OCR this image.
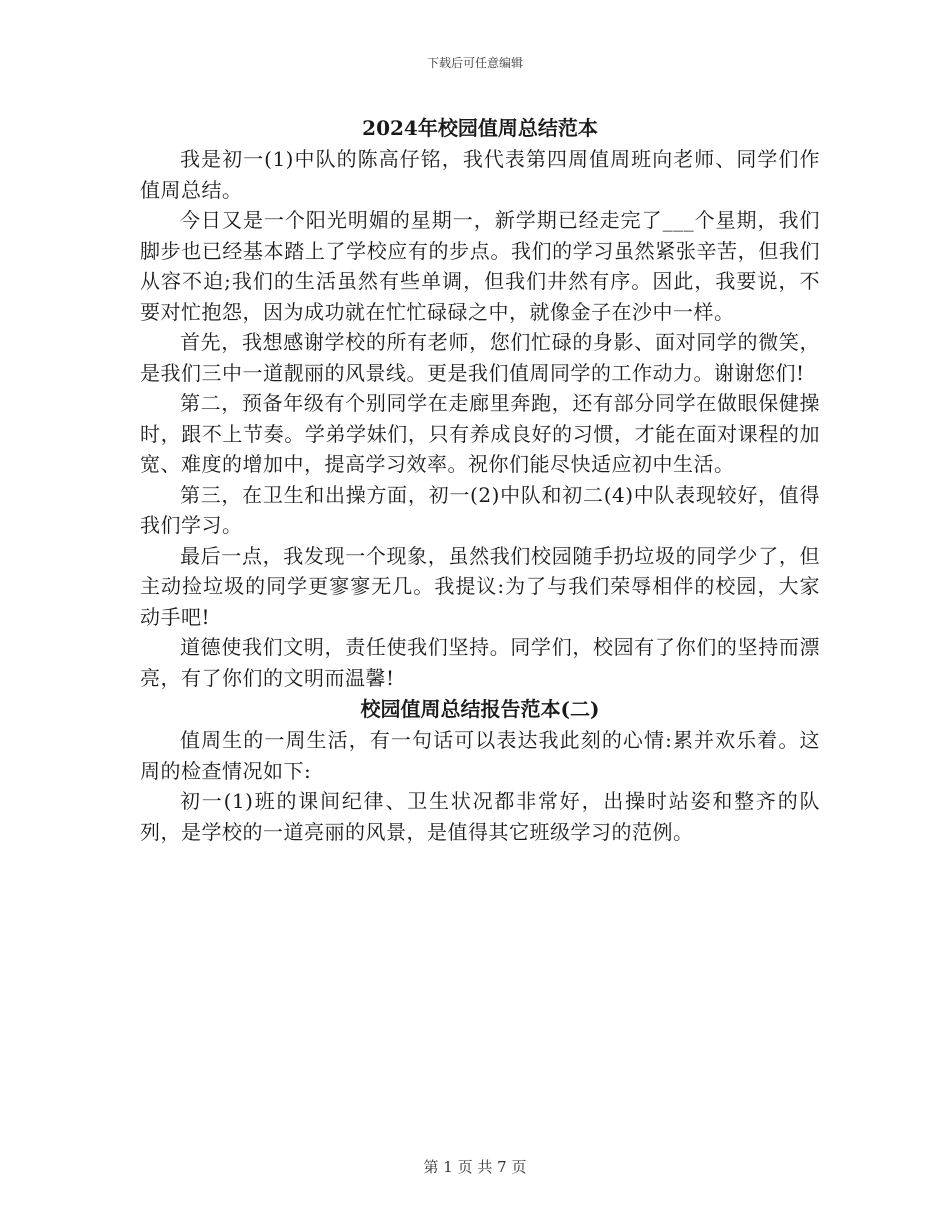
下载后可任意编辑
2024年校园值周总结范本

我是初一(1)中队的陈高仔铭，我代表第四周值周班向老师、同学们作值周总结。

今日又是一个阳光明媚的星期一，新学期已经走完了___个星期，我们脚步也已经基本踏上了学校应有的步点。我们的学习虽然紧张辛苦，但我们从容不迫;我们的生活虽然有些单调，但我们井然有序。因此，我要说，不要对忙抱怨，因为成功就在忙忙碌碌之中，就像金子在沙中一样。

首先，我想感谢学校的所有老师，您们忙碌的身影、面对同学的微笑，是我们三中一道靓丽的风景线。更是我们值周同学的工作动力。谢谢您们!

第二，预备年级有个别同学在走廊里奔跑，还有部分同学在做眼保健操时，跟不上节奏。学弟学妹们，只有养成良好的习惯，才能在面对课程的加宽、难度的增加中，提高学习效率。祝你们能尽快适应初中生活。

第三，在卫生和出操方面，初一(2)中队和初二(4)中队表现较好，值得我们学习。

最后一点，我发现一个现象，虽然我们校园随手扔垃圾的同学少了，但主动捡垃圾的同学更寥寥无几。我提议:为了与我们荣辱相伴的校园，大家动手吧!

道德使我们文明，责任使我们坚持。同学们，校园有了你们的坚持而漂亮，有了你们的文明而温馨!

校园值周总结报告范本(二)

值周生的一周生活，有一句话可以表达我此刻的心情:累并欢乐着。这周的检查情况如下:

初一(1)班的课间纪律、卫生状况都非常好，出操时站姿和整齐的队列，是学校的一道亮丽的风景，是值得其它班级学习的范例。

第 1 页 共 7 页
